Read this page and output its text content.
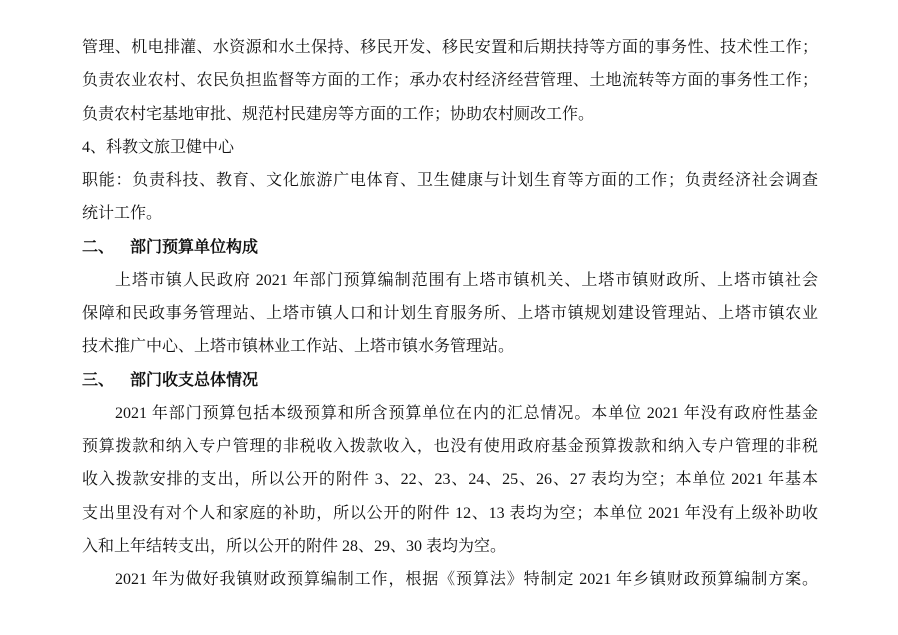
管理、机电排灌、水资源和水土保持、移民开发、移民安置和后期扶持等方面的事务性、技术性工作；
负责农业农村、农民负担监督等方面的工作；承办农村经济经营管理、土地流转等方面的事务性工作；
负责农村宅基地审批、规范村民建房等方面的工作；协助农村厕改工作。
4、科教文旅卫健中心
职能：负责科技、教育、文化旅游广电体育、卫生健康与计划生育等方面的工作；负责经济社会调查
统计工作。
二、 部门预算单位构成
上塔市镇人民政府 2021 年部门预算编制范围有上塔市镇机关、上塔市镇财政所、上塔市镇社会
保障和民政事务管理站、上塔市镇人口和计划生育服务所、上塔市镇规划建设管理站、上塔市镇农业
技术推广中心、上塔市镇林业工作站、上塔市镇水务管理站。
三、 部门收支总体情况
2021 年部门预算包括本级预算和所含预算单位在内的汇总情况。本单位 2021 年没有政府性基金
预算拨款和纳入专户管理的非税收入拨款收入，也没有使用政府基金预算拨款和纳入专户管理的非税
收入拨款安排的支出，所以公开的附件 3、22、23、24、25、26、27 表均为空；本单位 2021 年基本
支出里没有对个人和家庭的补助，所以公开的附件 12、13 表均为空；本单位 2021 年没有上级补助收
入和上年结转支出，所以公开的附件 28、29、30 表均为空。
2021 年为做好我镇财政预算编制工作，根据《预算法》特制定 2021 年乡镇财政预算编制方案。
